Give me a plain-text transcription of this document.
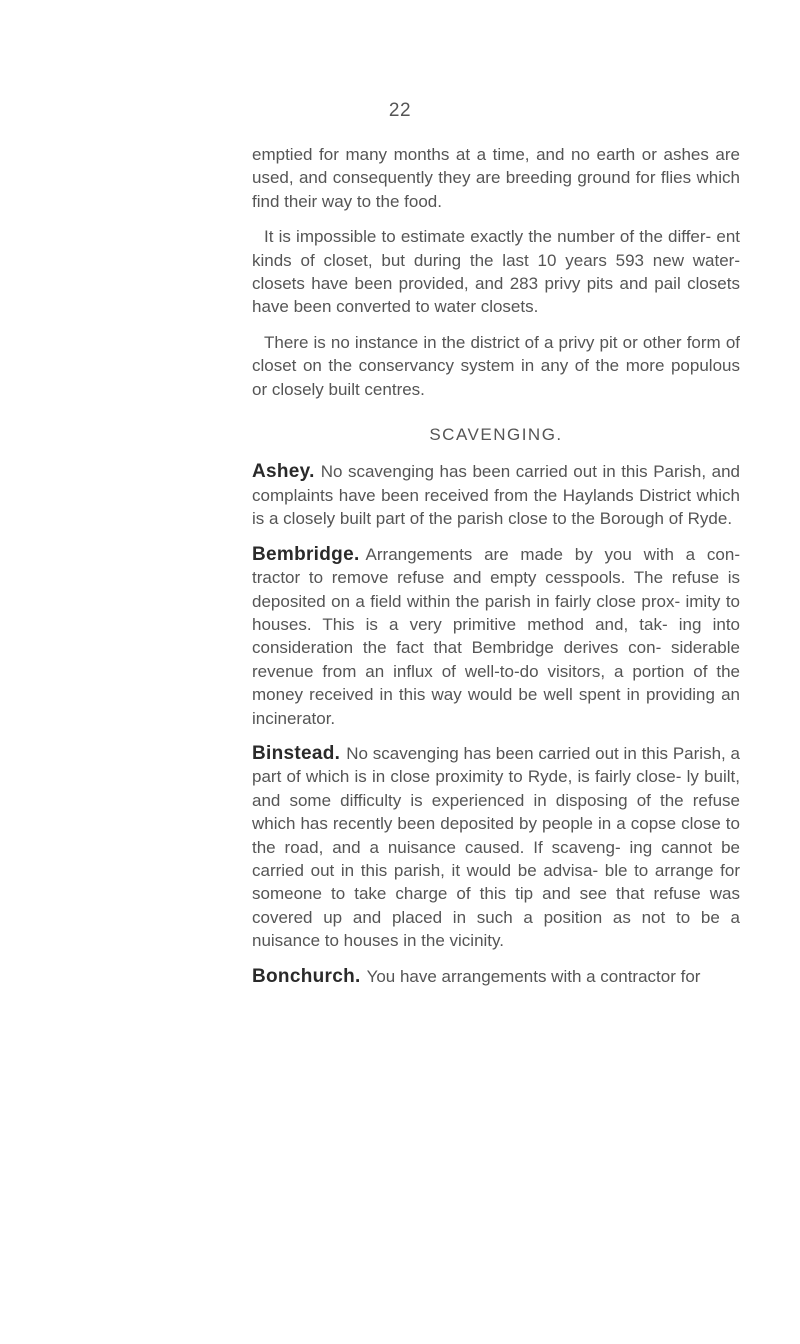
22

emptied for many months at a time, and no earth or ashes are used, and consequently they are breeding ground for flies which find their way to the food.

It is impossible to estimate exactly the number of the differ- ent kinds of closet, but during the last 10 years 593 new water- closets have been provided, and 283 privy pits and pail closets have been converted to water closets.

There is no instance in the district of a privy pit or other form of closet on the conservancy system in any of the more populous or closely built centres.

SCAVENGING.

Ashey. No scavenging has been carried out in this Parish, and complaints have been received from the Haylands District which is a closely built part of the parish close to the Borough of Ryde.

Bembridge. Arrangements are made by you with a con- tractor to remove refuse and empty cesspools. The refuse is deposited on a field within the parish in fairly close prox- imity to houses. This is a very primitive method and, tak- ing into consideration the fact that Bembridge derives con- siderable revenue from an influx of well-to-do visitors, a portion of the money received in this way would be well spent in providing an incinerator.

Binstead. No scavenging has been carried out in this Parish, a part of which is in close proximity to Ryde, is fairly close- ly built, and some difficulty is experienced in disposing of the refuse which has recently been deposited by people in a copse close to the road, and a nuisance caused. If scaveng- ing cannot be carried out in this parish, it would be advisa- ble to arrange for someone to take charge of this tip and see that refuse was covered up and placed in such a position as not to be a nuisance to houses in the vicinity.

Bonchurch. You have arrangements with a contractor for
